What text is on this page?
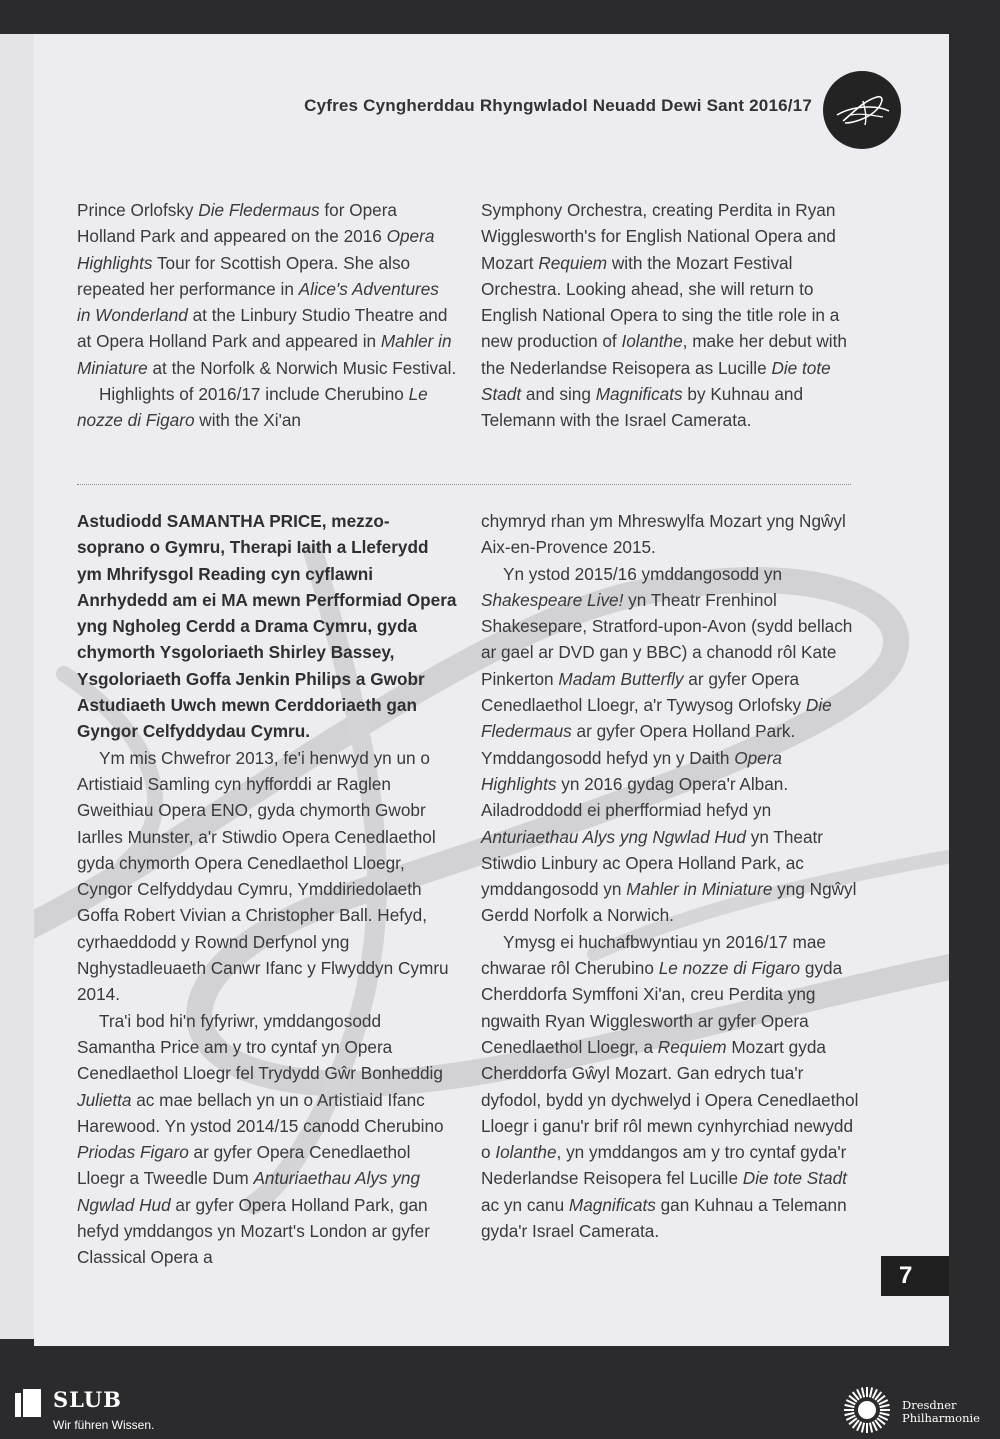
Cyfres Cyngherddau Rhyngwladol Neuadd Dewi Sant 2016/17

Prince Orlofsky Die Fledermaus for Opera Holland Park and appeared on the 2016 Opera Highlights Tour for Scottish Opera. She also repeated her performance in Alice's Adventures in Wonderland at the Linbury Studio Theatre and at Opera Holland Park and appeared in Mahler in Miniature at the Norfolk & Norwich Music Festival.

Highlights of 2016/17 include Cherubino Le nozze di Figaro with the Xi'an

Symphony Orchestra, creating Perdita in Ryan Wigglesworth's for English National Opera and Mozart Requiem with the Mozart Festival Orchestra. Looking ahead, she will return to English National Opera to sing the title role in a new production of Iolanthe, make her debut with the Nederlandse Reisopera as Lucille Die tote Stadt and sing Magnificats by Kuhnau and Telemann with the Israel Camerata.

Astudiodd SAMANTHA PRICE, mezzo-soprano o Gymru, Therapi Iaith a Lleferydd ym Mhrifysgol Reading cyn cyflawni Anrhydedd am ei MA mewn Perfformiad Opera yng Ngholeg Cerdd a Drama Cymru, gyda chymorth Ysgoloriaeth Shirley Bassey, Ysgoloriaeth Goffa Jenkin Philips a Gwobr Astudiaeth Uwch mewn Cerddoriaeth gan Gyngor Celfyddydau Cymru.

Ym mis Chwefror 2013, fe'i henwyd yn un o Artistiaid Samling cyn hyfforddi ar Raglen Gweithiau Opera ENO, gyda chymorth Gwobr Iarlles Munster, a'r Stiwdio Opera Cenedlaethol gyda chymorth Opera Cenedlaethol Lloegr, Cyngor Celfyddydau Cymru, Ymddiriedolaeth Goffa Robert Vivian a Christopher Ball. Hefyd, cyrhaeddodd y Rownd Derfynol yng Nghystadleuaeth Canwr Ifanc y Flwyddyn Cymru 2014.

Tra'i bod hi'n fyfyriwr, ymddangosodd Samantha Price am y tro cyntaf yn Opera Cenedlaethol Lloegr fel Trydydd Gŵr Bonheddig Julietta ac mae bellach yn un o Artistiaid Ifanc Harewood. Yn ystod 2014/15 canodd Cherubino Priodas Figaro ar gyfer Opera Cenedlaethol Lloegr a Tweedle Dum Anturiaethau Alys yng Ngwlad Hud ar gyfer Opera Holland Park, gan hefyd ymddangos yn Mozart's London ar gyfer Classical Opera a

chymryd rhan ym Mhreswylfa Mozart yng Ngŵyl Aix-en-Provence 2015.

Yn ystod 2015/16 ymddangosodd yn Shakespeare Live! yn Theatr Frenhinol Shakesepare, Stratford-upon-Avon (sydd bellach ar gael ar DVD gan y BBC) a chanodd rôl Kate Pinkerton Madam Butterfly ar gyfer Opera Cenedlaethol Lloegr, a'r Tywysog Orlofsky Die Fledermaus ar gyfer Opera Holland Park. Ymddangosodd hefyd yn y Daith Opera Highlights yn 2016 gydag Opera'r Alban. Ailadroddodd ei pherfformiad hefyd yn Anturiaethau Alys yng Ngwlad Hud yn Theatr Stiwdio Linbury ac Opera Holland Park, ac ymddangosodd yn Mahler in Miniature yng Ngŵyl Gerdd Norfolk a Norwich.

Ymysg ei huchafbwyntiau yn 2016/17 mae chwarae rôl Cherubino Le nozze di Figaro gyda Cherddorfa Symffoni Xi'an, creu Perdita yng ngwaith Ryan Wigglesworth ar gyfer Opera Cenedlaethol Lloegr, a Requiem Mozart gyda Cherddorfa Gŵyl Mozart. Gan edrych tua'r dyfodol, bydd yn dychwelyd i Opera Cenedlaethol Lloegr i ganu'r brif rôl mewn cynhyrchiad newydd o Iolanthe, yn ymddangos am y tro cyntaf gyda'r Nederlandse Reisopera fel Lucille Die tote Stadt ac yn canu Magnificats gan Kuhnau a Telemann gyda'r Israel Camerata.

7
SLUB
Wir führen Wissen.
Dresdner
Philharmonie
